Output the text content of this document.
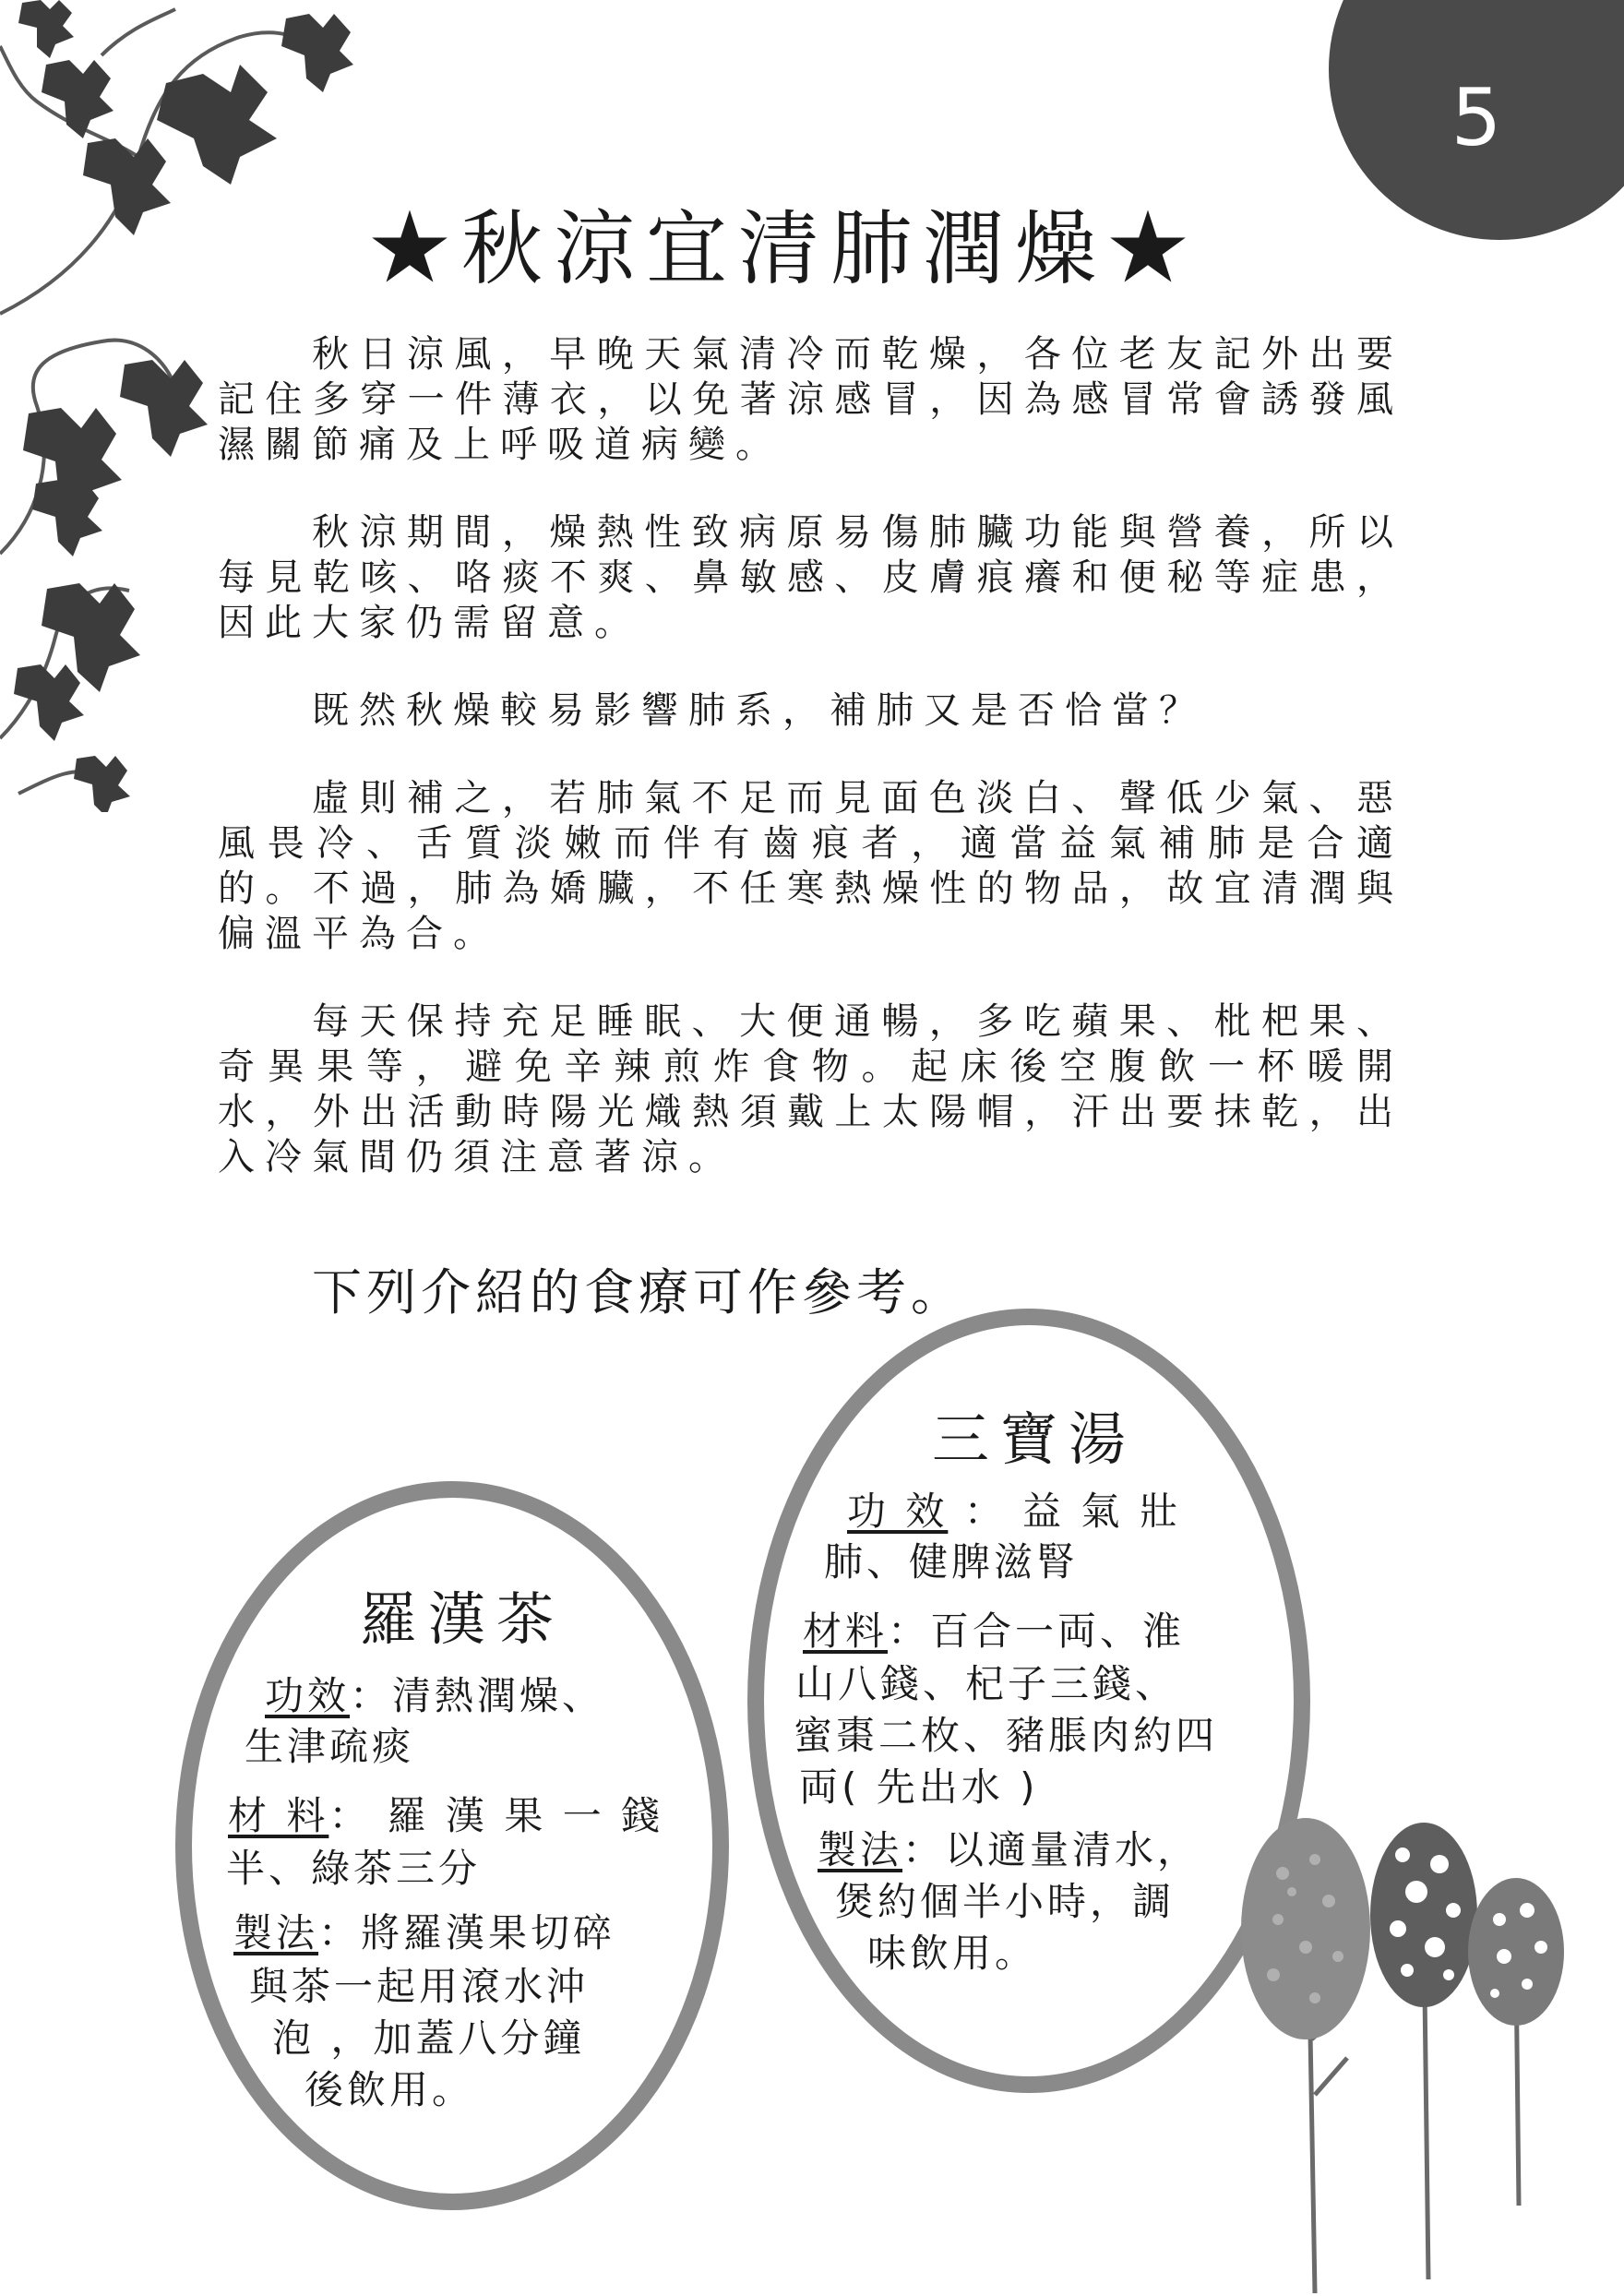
5
★秋涼宜清肺潤燥★

秋日涼風，早晚天氣清冷而乾燥，各位老友記外出要記住多穿一件薄衣，以免著涼感冒，因為感冒常會誘發風濕關節痛及上呼吸道病變。

秋涼期間，燥熱性致病原易傷肺臟功能與營養，所以每見乾咳、咯痰不爽、鼻敏感、皮膚痕癢和便秘等症患，因此大家仍需留意。

既然秋燥較易影響肺系，補肺又是否恰當？

虛則補之，若肺氣不足而見面色淡白、聲低少氣、惡風畏冷、舌質淡嫩而伴有齒痕者，適當益氣補肺是合適的。不過，肺為嬌臟，不任寒熱燥性的物品，故宜清潤與偏溫平為合。

每天保持充足睡眠、大便通暢，多吃蘋果、枇杷果、奇異果等，避免辛辣煎炸食物。起床後空腹飲一杯暖開水，外出活動時陽光熾熱須戴上太陽帽，汗出要抹乾，出入冷氣間仍須注意著涼。

下列介紹的食療可作參考。
羅漢茶
功效：清熱潤燥、
生津疏痰
材 料： 羅 漢 果 一 錢
半、綠茶三分
製法：將羅漢果切碎
與茶一起用滾水沖
泡 ，加蓋八分鐘
後飲用。
三寶湯
功 效 ： 益 氣 壯
肺、健脾滋腎
材料：百合一両、淮
山八錢、杞子三錢、
蜜棗二枚、豬脹肉約四
両( 先出水 )
製法：以適量清水，
煲約個半小時，調
味飲用。
